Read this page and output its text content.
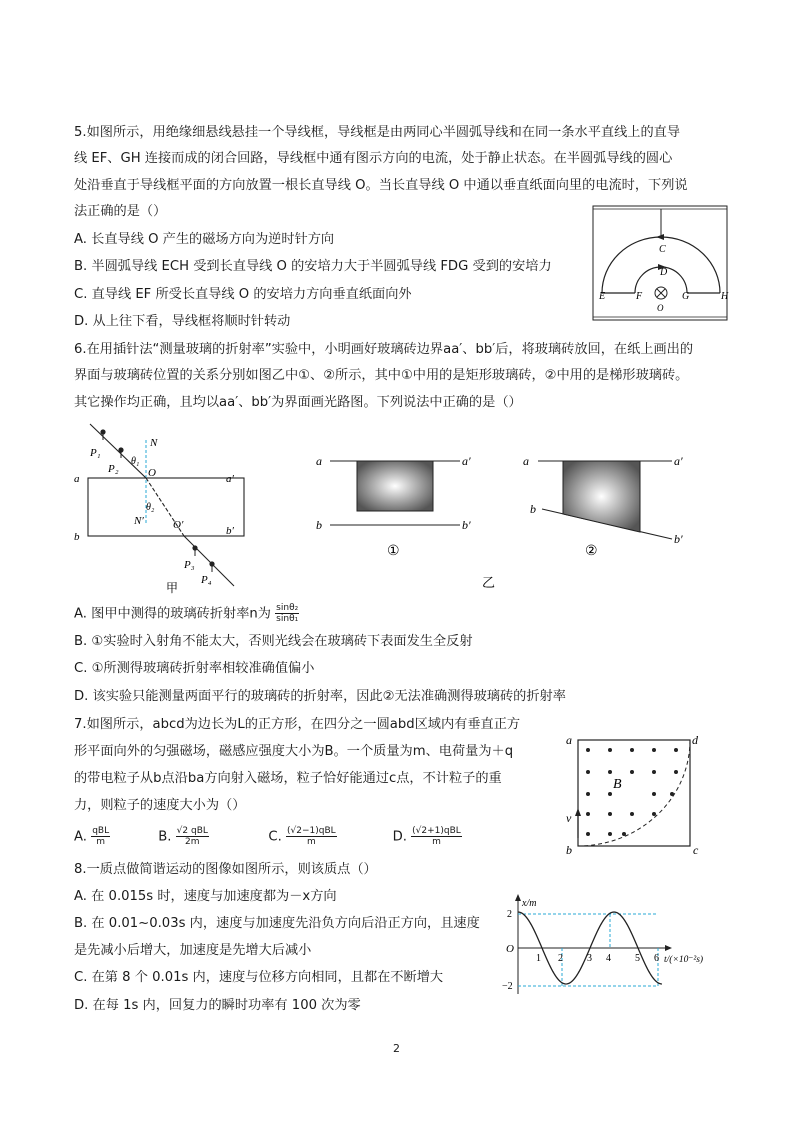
5.如图所示，用绝缘细悬线悬挂一个导线框，导线框是由两同心半圆弧导线和在同一条水平直线上的直导
线 EF、GH 连接而成的闭合回路，导线框中通有图示方向的电流，处于静止状态。在半圆弧导线的圆心
处沿垂直于导线框平面的方向放置一根长直导线 O。当长直导线 O 中通以垂直纸面向里的电流时，下列说
法正确的是（）
A. 长直导线 O 产生的磁场方向为逆时针方向
B. 半圆弧导线 ECH 受到长直导线 O 的安培力大于半圆弧导线 FDG 受到的安培力
C. 直导线 EF 所受长直导线 O 的安培力方向垂直纸面向外
D. 从上往下看，导线框将顺时针转动
C
D
E	F	G	H
O
6.在用插针法“测量玻璃的折射率”实验中，小明画好玻璃砖边界aa′、bb′后，将玻璃砖放回，在纸上画出的
界面与玻璃砖位置的关系分别如图乙中①、②所示，其中①中用的是矩形玻璃砖，②中用的是梯形玻璃砖。
其它操作均正确，且均以aa′、bb′为界面画光路图。下列说法中正确的是（）
P₁
P₂
N
θ₁
O
θ₂
N′	O′
a	a′
b	b′
P₃
P₄
甲
a	a′
b	b′
①
a	a′
b
b′
②
乙
A. 图甲中测得的玻璃砖折射率n为 $\frac{\text{sinθ₂}}{\text{sinθ₁}}$
B. ①实验时入射角不能太大，否则光线会在玻璃砖下表面发生全反射
C. ①所测得玻璃砖折射率相较准确值偏小
D. 该实验只能测量两面平行的玻璃砖的折射率，因此②无法准确测得玻璃砖的折射率
7.如图所示，abcd为边长为L的正方形，在四分之一圆abd区域内有垂直正方
形平面向外的匀强磁场，磁感应强度大小为B。一个质量为m、电荷量为＋q
的带电粒子从b点沿ba方向射入磁场，粒子恰好能通过c点，不计粒子的重
力，则粒子的速度大小为（）
A. $\frac{\text{qBL}}{m}$	B. $\frac{\text{√2 qBL}}{2m}$	C. $\frac{\text{(√2−1)qBL}}{m}$	D. $\frac{\text{(√2+1)qBL}}{m}$
a	d
b	c
B
v
8.一质点做简谐运动的图像如图所示，则该质点（）
A. 在 0.015s 时，速度与加速度都为－x方向
B. 在 0.01~0.03s 内，速度与加速度先沿负方向后沿正方向，且速度
是先减小后增大，加速度是先增大后减小
C. 在第 8 个 0.01s 内，速度与位移方向相同，且都在不断增大
D. 在每 1s 内，回复力的瞬时功率有 100 次为零
x/m
O
2
−2
1 2 3 4 5 6 t/(×10⁻²s)
2
